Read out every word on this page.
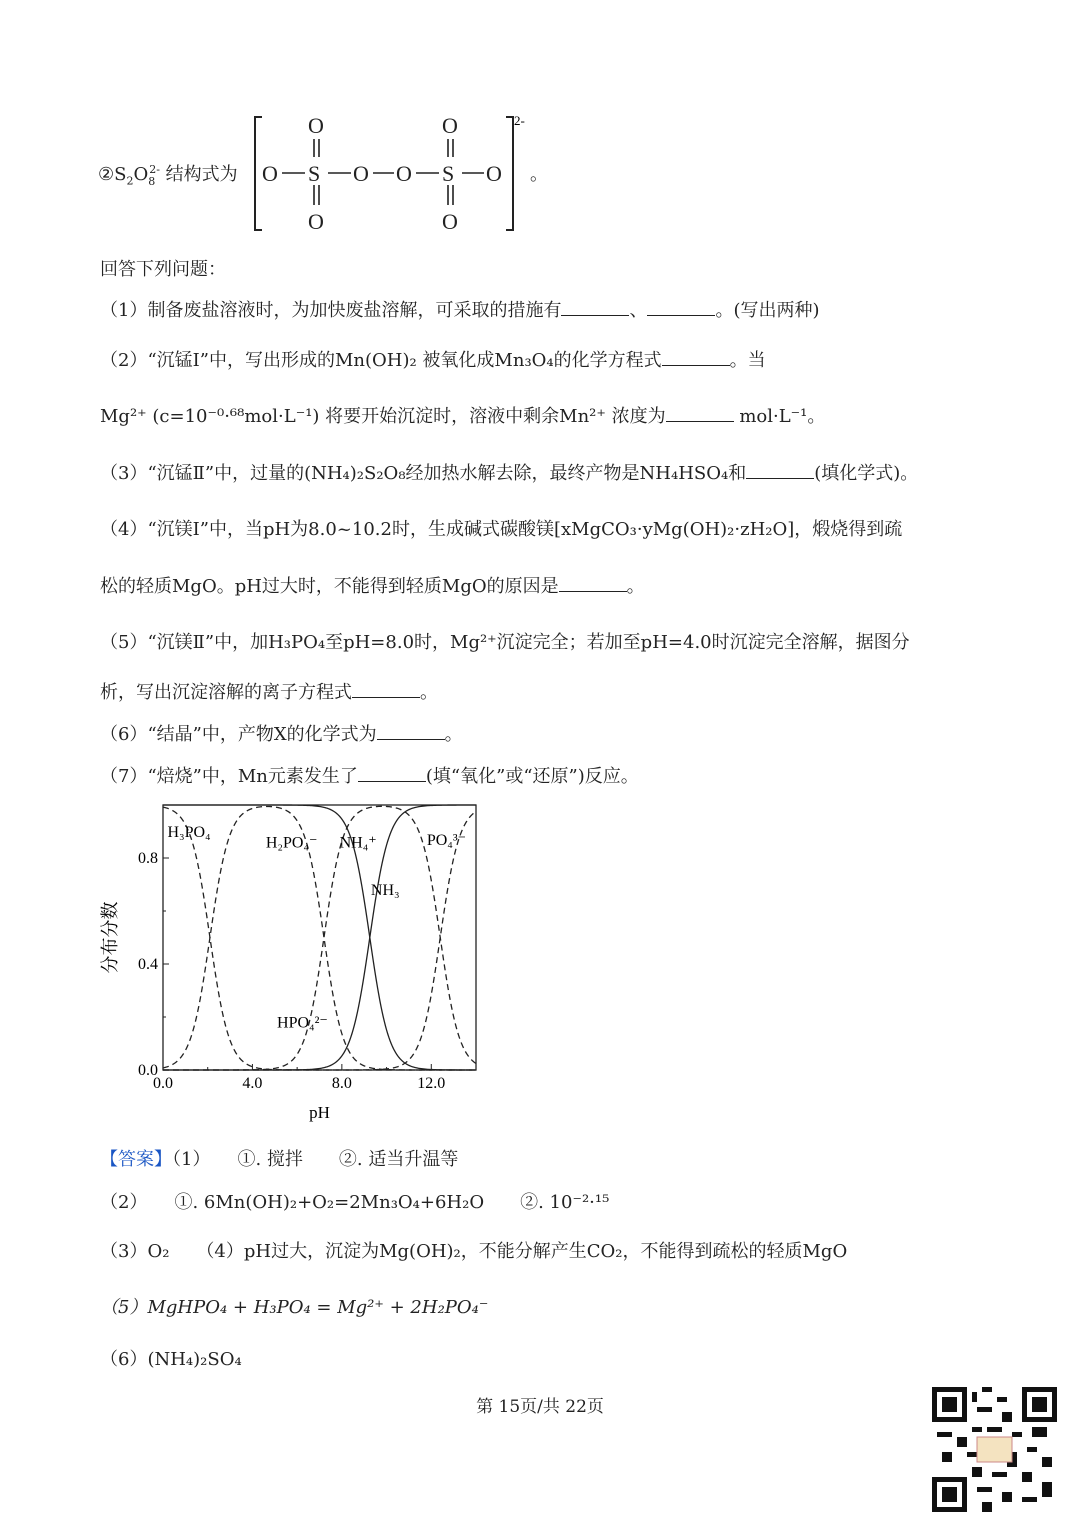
$②S_2O_8^{2-}$ 结构式为
2-
O S O O S O
O
O
O
O
。
回答下列问题：
（1）制备废盐溶液时，为加快废盐溶解，可采取的措施有	、	。(写出两种)
（2）“沉锰Ⅰ”中，写出形成的Mn(OH)₂ 被氧化成Mn₃O₄的化学方程式	。当
Mg²⁺ (c=10⁻⁰·⁶⁸mol·L⁻¹) 将要开始沉淀时，溶液中剩余Mn²⁺ 浓度为	mol·L⁻¹。
（3）“沉锰Ⅱ”中，过量的(NH₄)₂S₂O₈经加热水解去除，最终产物是NH₄HSO₄和	(填化学式)。
（4）“沉镁Ⅰ”中，当pH为8.0~10.2时，生成碱式碳酸镁[xMgCO₃·yMg(OH)₂·zH₂O]，煅烧得到疏
松的轻质MgO。pH过大时，不能得到轻质MgO的原因是	。
（5）“沉镁Ⅱ”中，加H₃PO₄至pH=8.0时，Mg²⁺沉淀完全；若加至pH=4.0时沉淀完全溶解，据图分
析，写出沉淀溶解的离子方程式	。
（6）“结晶”中，产物X的化学式为	。
（7）“焙烧”中，Mn元素发生了	(填“氧化”或“还原”)反应。
0.0	4.0	8.0	12.0
0.0
0.4
0.8
pH
分布分数
H₃PO₄
H₂PO₄⁻
HPO₄²⁻
PO₄³⁻
NH₄⁺
NH₃
【答案】（1）　　①. 搅拌　　②. 适当升温等
（2）　　①. 6Mn(OH)₂+O₂=2Mn₃O₄+6H₂O　　②. 10⁻²·¹⁵
（3）O₂　　（4）pH过大，沉淀为Mg(OH)₂，不能分解产生CO₂，不能得到疏松的轻质MgO
（5）MgHPO₄ + H₃PO₄ = Mg²⁺ + 2H₂PO₄⁻
（6）(NH₄)₂SO₄
第 15页/共 22页
